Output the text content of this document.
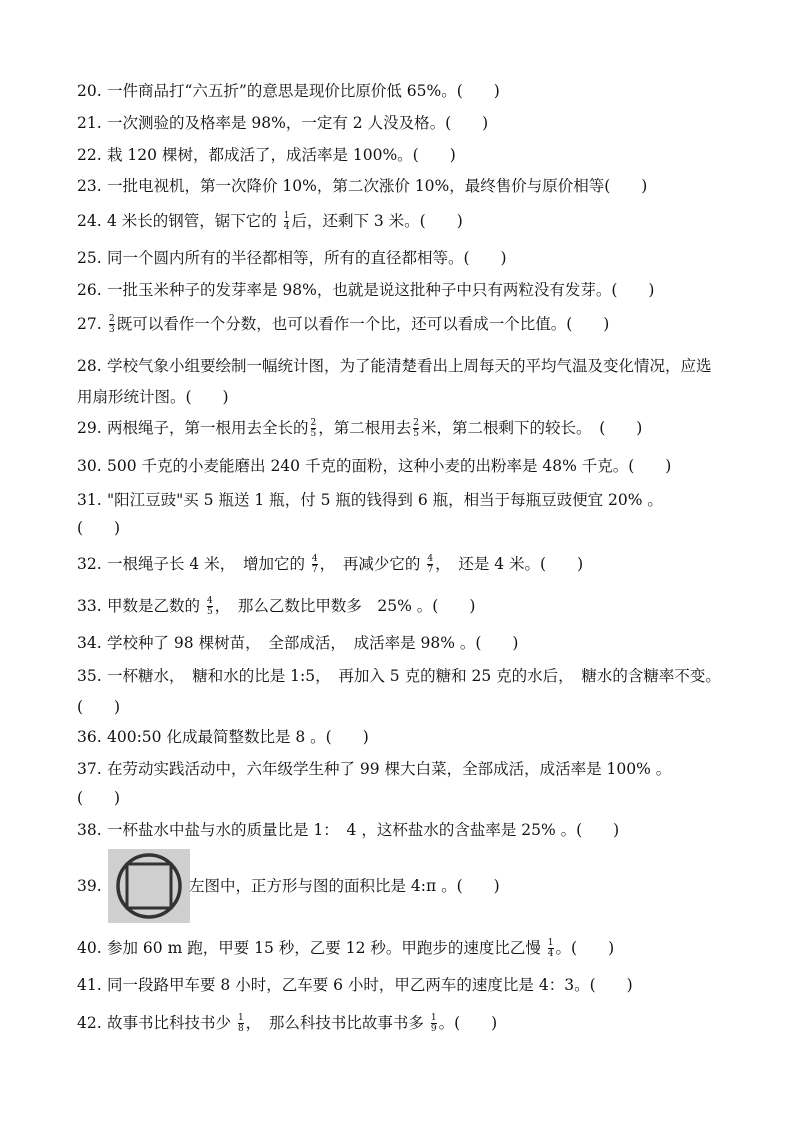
20. 一件商品打“六五折”的意思是现价比原价低 65%。(　　)
21. 一次测验的及格率是 98%，一定有 2 人没及格。(　　)
22. 栽 120 棵树，都成活了，成活率是 100%。(　　)
23. 一批电视机，第一次降价 10%，第二次涨价 10%，最终售价与原价相等(　　)
24. 4 米长的钢管，锯下它的 $\frac{1}{4}$ 后，还剩下 3 米。(　　)
25. 同一个圆内所有的半径都相等，所有的直径都相等。(　　)
26. 一批玉米种子的发芽率是 98%，也就是说这批种子中只有两粒没有发芽。(　　)
27. $\frac{2}{3}$ 既可以看作一个分数，也可以看作一个比，还可以看成一个比值。(　　)
28. 学校气象小组要绘制一幅统计图，为了能清楚看出上周每天的平均气温及变化情况，应选用扇形统计图。(　　)
29. 两根绳子，第一根用去全长的 $\frac{2}{5}$ ，第二根用去 $\frac{2}{5}$ 米，第二根剩下的较长。　(　　)
30. 500 千克的小麦能磨出 240 千克的面粉，这种小麦的出粉率是 48% 千克。(　　)
31. "阳江豆豉"买 5 瓶送 1 瓶，付 5 瓶的钱得到 6 瓶，相当于每瓶豆豉便宜 20% 。
(　　)
32. 一根绳子长 4 米，　增加它的 $\frac{4}{7}$ ，　再减少它的 $\frac{4}{7}$ ，　还是 4 米。(　　)
33. 甲数是乙数的 $\frac{4}{5}$ ，　那么乙数比甲数多　25% 。(　　)
34. 学校种了 98 棵树苗，　全部成活，　成活率是 98% 。(　　)
35. 一杯糖水，　糖和水的比是 1:5，　再加入 5 克的糖和 25 克的水后，　糖水的含糖率不变。(　　)
36. 400:50 化成最简整数比是 8 。(　　)
37. 在劳动实践活动中，六年级学生种了 99 棵大白菜，全部成活，成活率是 100% 。
(　　)
38. 一杯盐水中盐与水的质量比是 1：　4 ，这杯盐水的含盐率是 25% 。(　　)
39.	左图中，正方形与图的面积比是 4:π 。(　　)
40. 参加 60 m 跑，甲要 15 秒，乙要 12 秒。甲跑步的速度比乙慢 $\frac{1}{4}$ 。(　　)
41. 同一段路甲车要 8 小时，乙车要 6 小时，甲乙两车的速度比是 4：3。(　　)
42. 故事书比科技书少 $\frac{1}{8}$ ，　那么科技书比故事书多 $\frac{1}{9}$ 。(　　)
